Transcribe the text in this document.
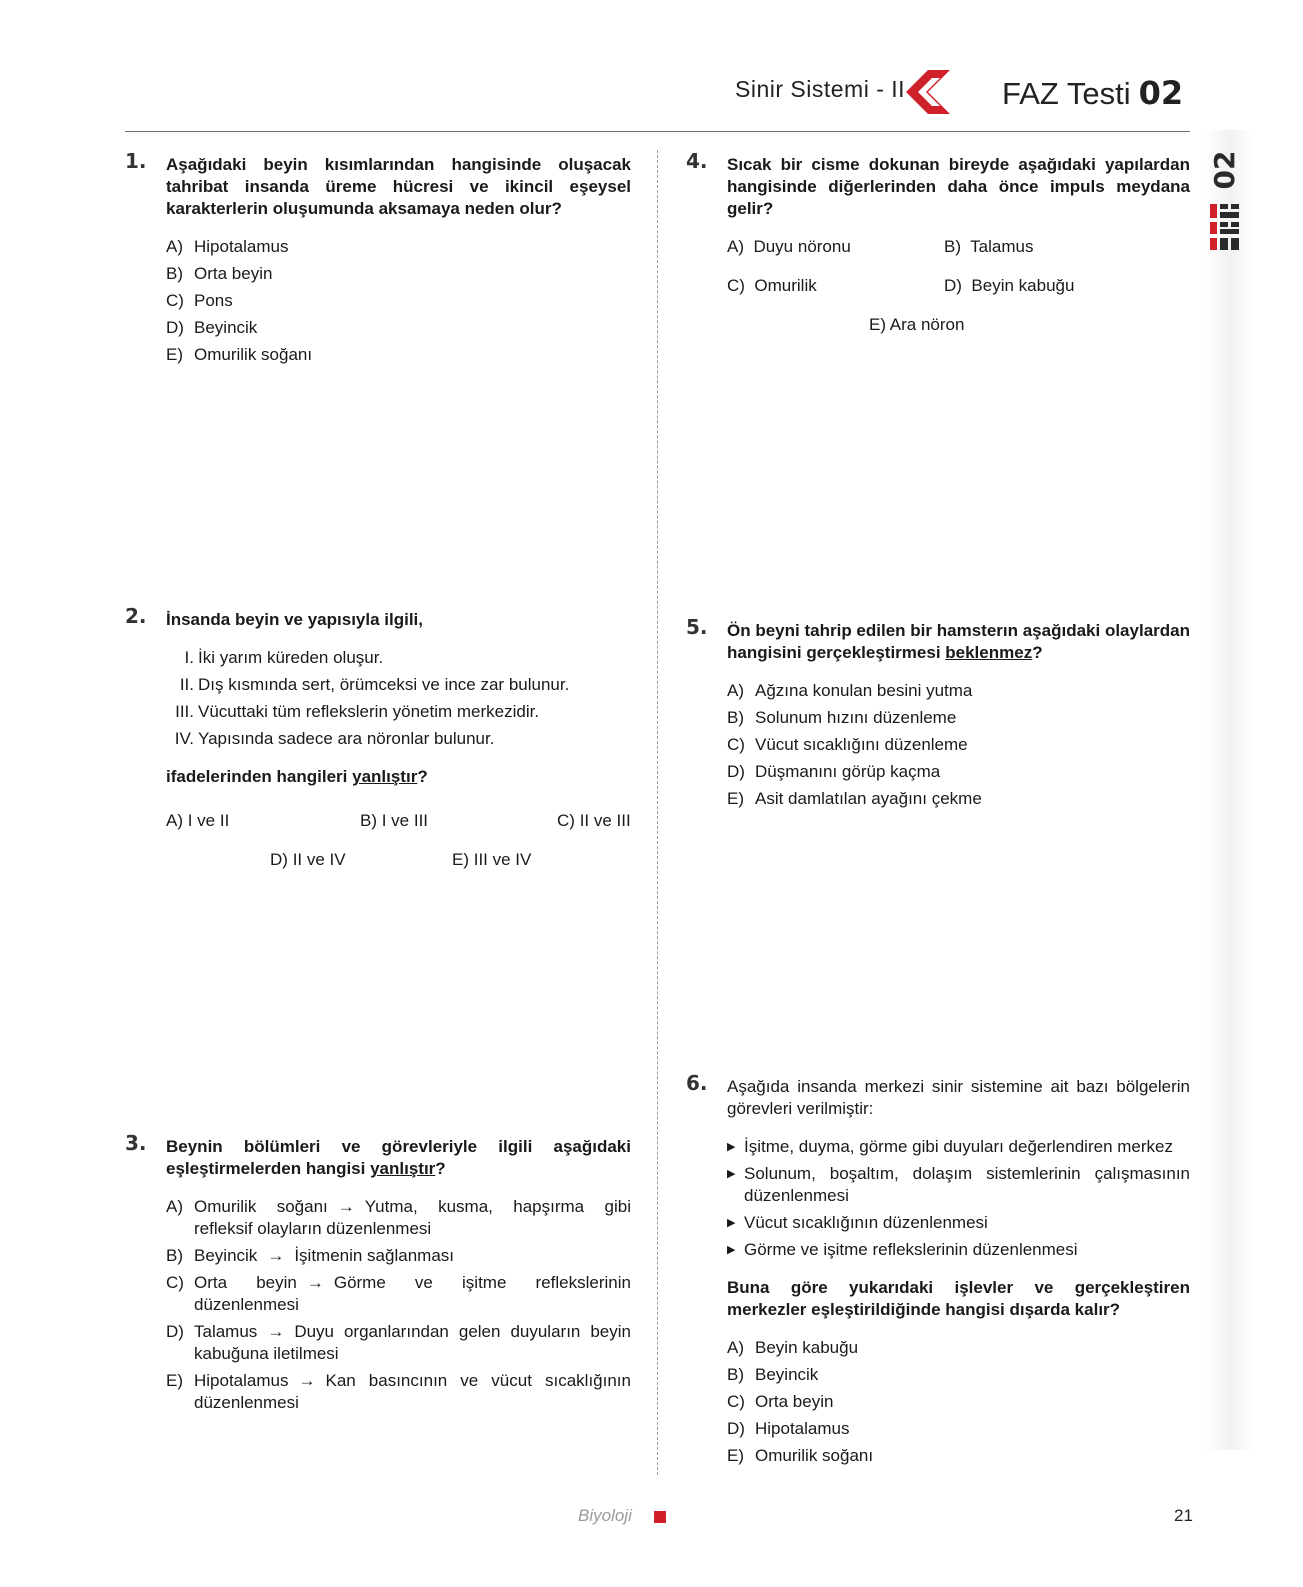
Sinir Sistemi - II	FAZ Testi 02
02
1. Aşağıdaki beyin kısımlarından hangisinde oluşacak tahribat insanda üreme hücresi ve ikincil eşeysel karakterlerin oluşumunda aksamaya neden olur?
A) Hipotalamus
B) Orta beyin
C) Pons
D) Beyincik
E) Omurilik soğanı
2. İnsanda beyin ve yapısıyla ilgili,
I. İki yarım küreden oluşur.
II. Dış kısmında sert, örümceksi ve ince zar bulunur.
III. Vücuttaki tüm reflekslerin yönetim merkezidir.
IV. Yapısında sadece ara nöronlar bulunur.
ifadelerinden hangileri yanlıştır?
A) I ve II	B) I ve III	C) II ve III
D) II ve IV	E) III ve IV
3. Beynin bölümleri ve görevleriyle ilgili aşağıdaki eşleştirmelerden hangisi yanlıştır?
A) Omurilik soğanı → Yutma, kusma, hapşırma gibi refleksif olayların düzenlenmesi
B) Beyincik → İşitmenin sağlanması
C) Orta beyin → Görme ve işitme reflekslerinin düzenlenmesi
D) Talamus → Duyu organlarından gelen duyuların beyin kabuğuna iletilmesi
E) Hipotalamus → Kan basıncının ve vücut sıcaklığının düzenlenmesi
4. Sıcak bir cisme dokunan bireyde aşağıdaki yapılardan hangisinde diğerlerinden daha önce impuls meydana gelir?
A) Duyu nöronu	B) Talamus
C) Omurilik	D) Beyin kabuğu
E) Ara nöron
5. Ön beyni tahrip edilen bir hamsterın aşağıdaki olaylardan hangisini gerçekleştirmesi beklenmez?
A) Ağzına konulan besini yutma
B) Solunum hızını düzenleme
C) Vücut sıcaklığını düzenleme
D) Düşmanını görüp kaçma
E) Asit damlatılan ayağını çekme
6. Aşağıda insanda merkezi sinir sistemine ait bazı bölgelerin görevleri verilmiştir:
▶ İşitme, duyma, görme gibi duyuları değerlendiren merkez
▶ Solunum, boşaltım, dolaşım sistemlerinin çalışmasının düzenlenmesi
▶ Vücut sıcaklığının düzenlenmesi
▶ Görme ve işitme reflekslerinin düzenlenmesi
Buna göre yukarıdaki işlevler ve gerçekleştiren merkezler eşleştirildiğinde hangisi dışarda kalır?
A) Beyin kabuğu
B) Beyincik
C) Orta beyin
D) Hipotalamus
E) Omurilik soğanı
Biyoloji	21
